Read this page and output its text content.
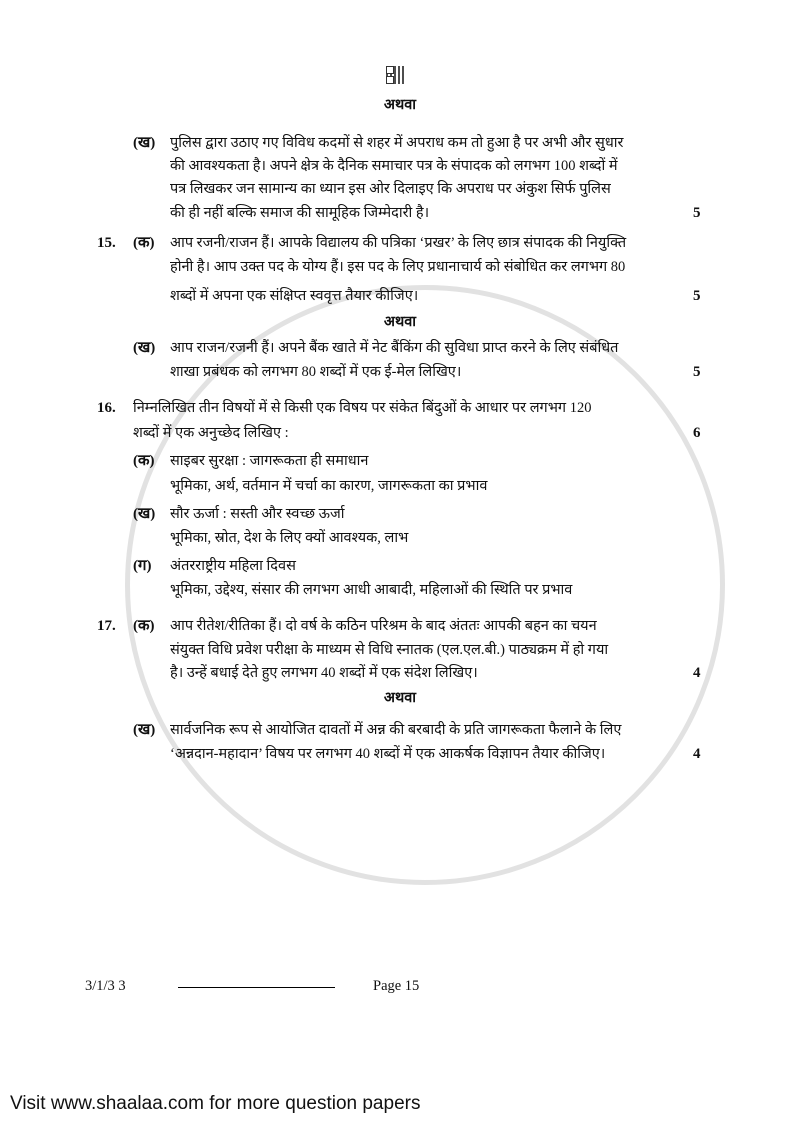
अथवा
(ख) पुलिस द्वारा उठाए गए विविध कदमों से शहर में अपराध कम तो हुआ है पर अभी और सुधार
की आवश्यकता है। अपने क्षेत्र के दैनिक समाचार पत्र के संपादक को लगभग 100 शब्दों में
पत्र लिखकर जन सामान्य का ध्यान इस ओर दिलाइए कि अपराध पर अंकुश सिर्फ पुलिस
की ही नहीं बल्कि समाज की सामूहिक जिम्मेदारी है।	5
15. (क) आप रजनी/राजन हैं। आपके विद्यालय की पत्रिका ‘प्रखर’ के लिए छात्र संपादक की नियुक्ति
होनी है। आप उक्त पद के योग्य हैं। इस पद के लिए प्रधानाचार्य को संबोधित कर लगभग 80
शब्दों में अपना एक संक्षिप्त स्ववृत्त तैयार कीजिए।	5
अथवा
(ख) आप राजन/रजनी हैं। अपने बैंक खाते में नेट बैंकिंग की सुविधा प्राप्त करने के लिए संबंधित
शाखा प्रबंधक को लगभग 80 शब्दों में एक ई-मेल लिखिए।	5
16. निम्नलिखित तीन विषयों में से किसी एक विषय पर संकेत बिंदुओं के आधार पर लगभग 120
शब्दों में एक अनुच्छेद लिखिए :	6
(क) साइबर सुरक्षा : जागरूकता ही समाधान
भूमिका, अर्थ, वर्तमान में चर्चा का कारण, जागरूकता का प्रभाव
(ख) सौर ऊर्जा : सस्ती और स्वच्छ ऊर्जा
भूमिका, स्रोत, देश के लिए क्यों आवश्यक, लाभ
(ग) अंतरराष्ट्रीय महिला दिवस
भूमिका, उद्देश्य, संसार की लगभग आधी आबादी, महिलाओं की स्थिति पर प्रभाव
17. (क) आप रीतेश/रीतिका हैं। दो वर्ष के कठिन परिश्रम के बाद अंततः आपकी बहन का चयन
संयुक्त विधि प्रवेश परीक्षा के माध्यम से विधि स्नातक (एल.एल.बी.) पाठ्यक्रम में हो गया
है। उन्हें बधाई देते हुए लगभग 40 शब्दों में एक संदेश लिखिए।	4
अथवा
(ख) सार्वजनिक रूप से आयोजित दावतों में अन्न की बरबादी के प्रति जागरूकता फैलाने के लिए
‘अन्नदान-महादान’ विषय पर लगभग 40 शब्दों में एक आकर्षक विज्ञापन तैयार कीजिए।	4
3/1/3 3	Page 15
Visit www.shaalaa.com for more question papers
